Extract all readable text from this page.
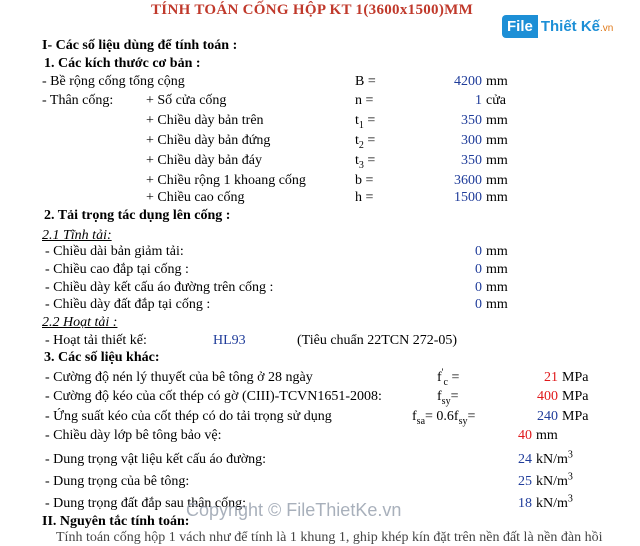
TÍNH TOÁN CỐNG HỘP KT 1(3600x1500)MM
File Thiết Kế .vn
I- Các số liệu dùng để tính toán :
1. Các kích thước cơ bản :
- Bề rộng cống tổng cộng	B =	4200 mm
- Thân cống: + Số cửa cống	n =	1 cửa
+ Chiều dày bản trên	$t_1$ =	350 mm
+ Chiều dày bản đứng	$t_2$ =	300 mm
+ Chiều dày bản đáy	$t_3$ =	350 mm
+ Chiều rộng 1 khoang cống	b =	3600 mm
+ Chiều cao cống	h =	1500 mm
2. Tải trọng tác dụng lên cống :
2.1 Tĩnh tải:
- Chiều dài bản giảm tải:	0 mm
- Chiều cao đắp tại cống :	0 mm
- Chiều dày kết cấu áo đường trên cống :	0 mm
- Chiều dày đất đắp tại cống :	0 mm
2.2 Hoạt tải :
- Hoạt tải thiết kế:	HL93	(Tiêu chuẩn 22TCN 272-05)
3. Các số liệu khác:
- Cường độ nén lý thuyết của bê tông ở 28 ngày	$f'_c$ =	21 MPa
- Cường độ kéo của cốt thép có gờ (CIII)-TCVN1651-2008:	$f_{sy}=$	400 MPa
- Ứng suất kéo của cốt thép có do tải trọng sử dụng	$f_{sa}= 0.6f_{sy}=$	240 MPa
- Chiều dày lớp bê tông bảo vệ:	40 mm
- Dung trọng vật liệu kết cấu áo đường:	24 $kN/m^3$
- Dung trọng của bê tông:	25 $kN/m^3$
- Dung trọng đất đắp sau thân cống:	18 $kN/m^3$
II. Nguyên tắc tính toán:
Tính toán cống hộp 1 vách như để tính là 1 khung 1, ghip khép kín đặt trên nền đất là nền đàn hồi
Copyright © FileThietKe.vn
